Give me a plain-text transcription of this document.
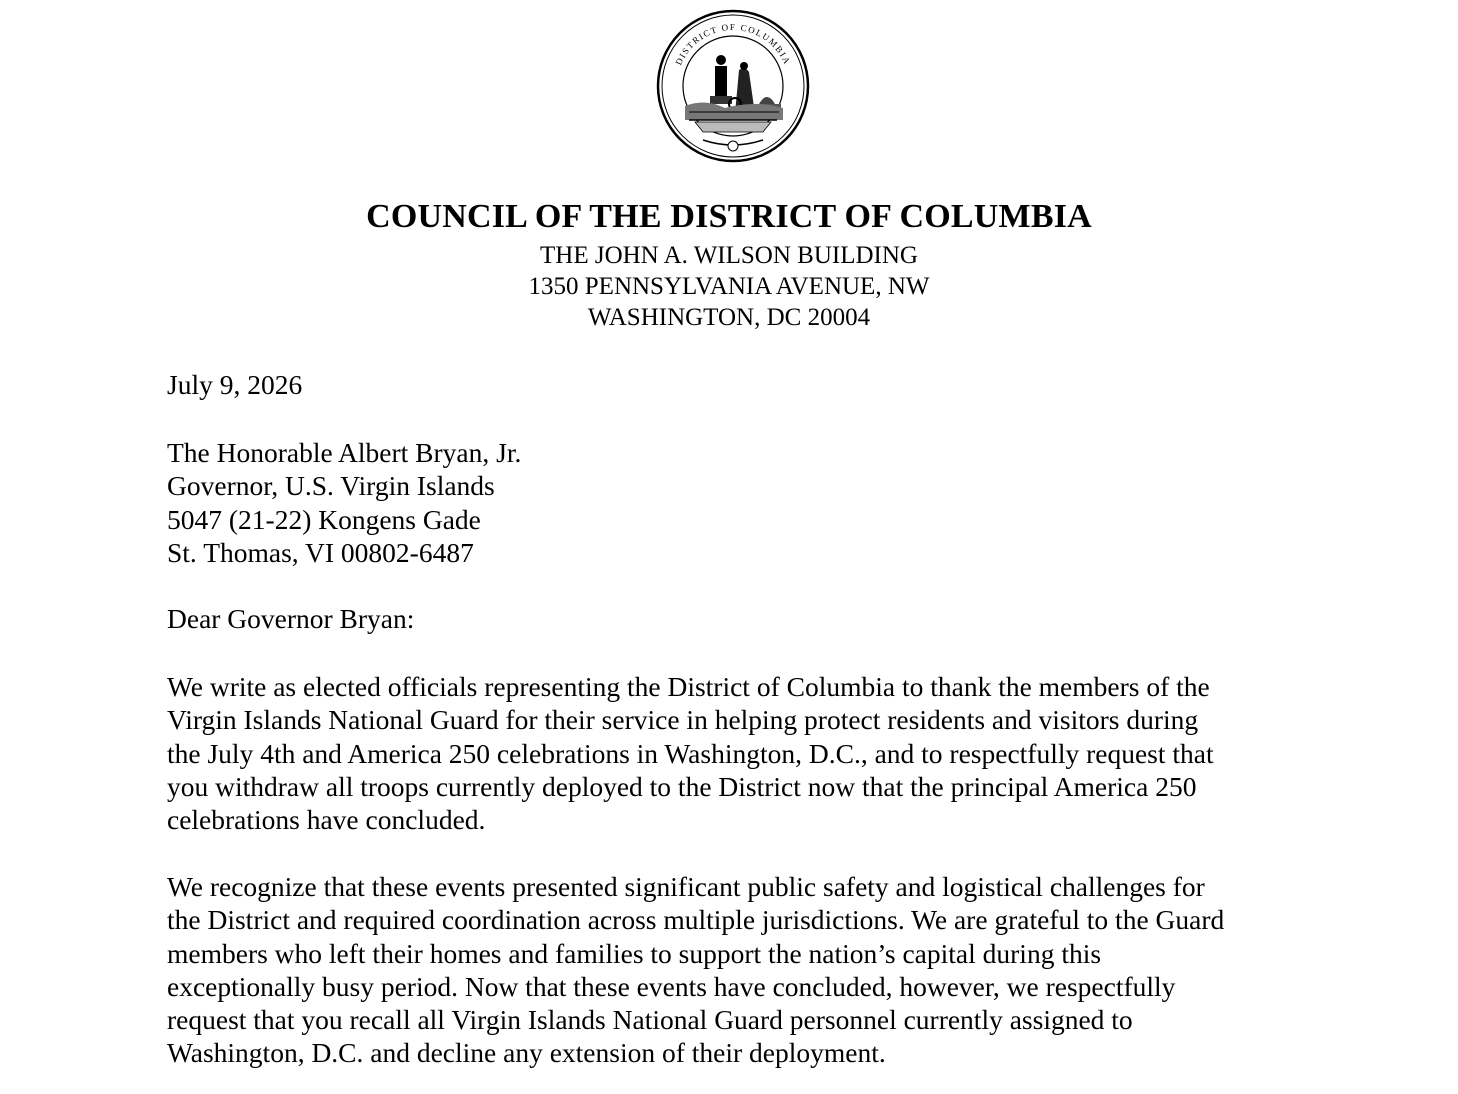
DISTRICT OF COLUMBIA
COUNCIL OF THE DISTRICT OF COLUMBIA

THE JOHN A. WILSON BUILDING

1350 PENNSYLVANIA AVENUE, NW

WASHINGTON, DC 20004

July 9, 2026

The Honorable Albert Bryan, Jr.
Governor, U.S. Virgin Islands
5047 (21-22) Kongens Gade
St. Thomas, VI 00802-6487

Dear Governor Bryan:

We write as elected officials representing the District of Columbia to thank the members of the
Virgin Islands National Guard for their service in helping protect residents and visitors during
the July 4th and America 250 celebrations in Washington, D.C., and to respectfully request that
you withdraw all troops currently deployed to the District now that the principal America 250
celebrations have concluded.
We recognize that these events presented significant public safety and logistical challenges for
the District and required coordination across multiple jurisdictions. We are grateful to the Guard
members who left their homes and families to support the nation’s capital during this
exceptionally busy period. Now that these events have concluded, however, we respectfully
request that you recall all Virgin Islands National Guard personnel currently assigned to
Washington, D.C. and decline any extension of their deployment.
